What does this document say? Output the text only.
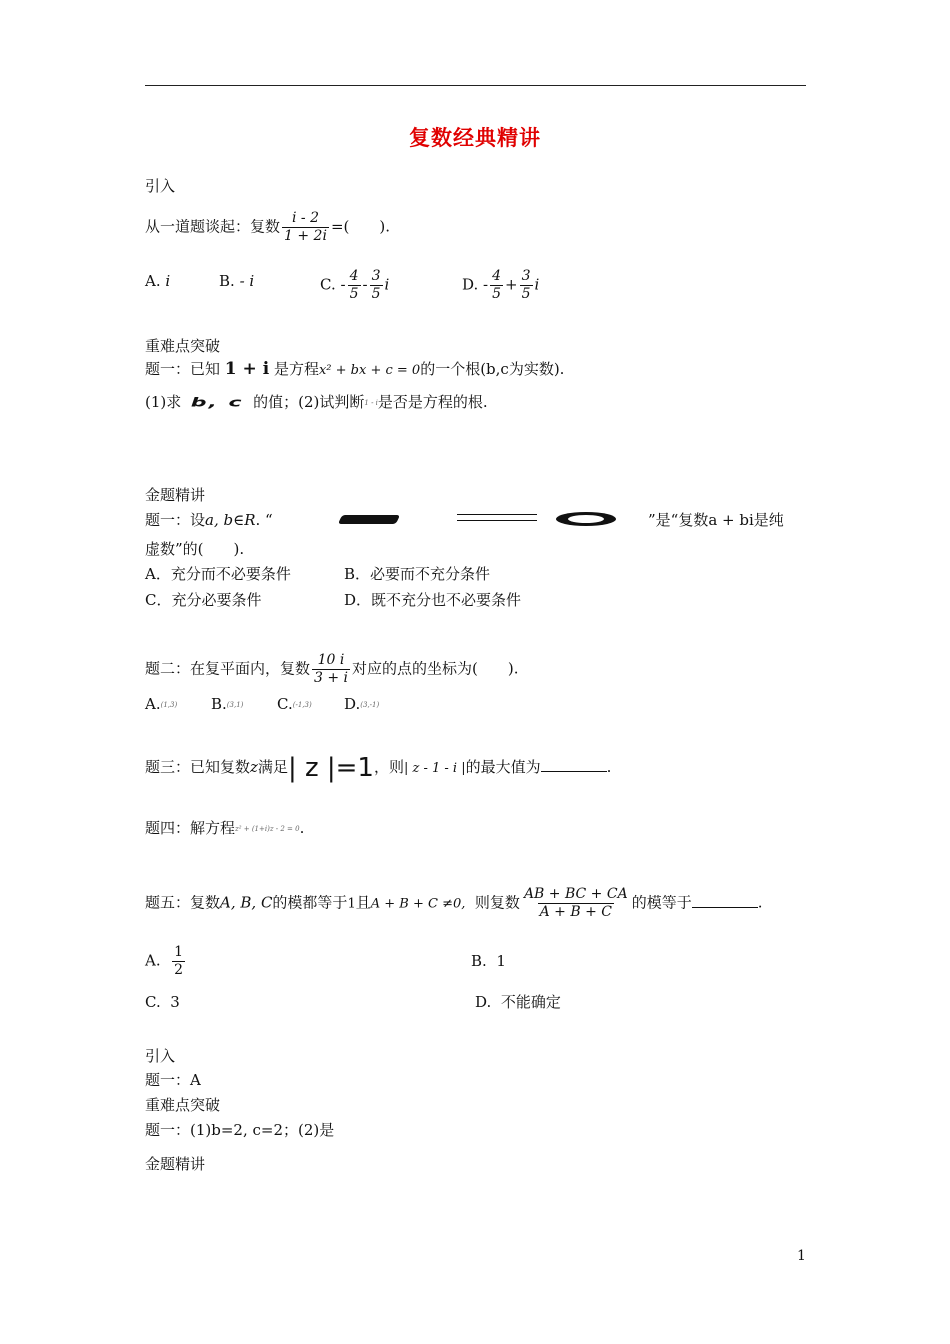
复数经典精讲
引入
从一道题谈起：复数 $\frac{i - 2}{1 + 2i}$ =(　　).
A. i	B. - i	C. - $\frac{4}{5} - \frac{3}{5}$ i	D. - $\frac{4}{5} + \frac{3}{5}$ i
重难点突破
题一：已知 1 + i 是方程x² + bx + c = 0的一个根(b,c为实数).
(1)求 b, c 的值；(2)试判断1 - i是否是方程的根.
金题精讲
题一：设a, b∈R. “	”是“复数a + bi是纯
虚数”的(　　).
A．充分而不必要条件	B．必要而不充分条件
C．充分必要条件	D．既不充分也不必要条件
题二：在复平面内，复数 $\frac{10 i}{3 + i}$ 对应的点的坐标为(　　).
A.(1,3) B.(3,1) C.(-1,3) D.(3,-1)
题三：已知复数z满足| z |=1，则| z - 1 - i |的最大值为	.
题四：解方程z² + (1+i)z - 2 = 0.
题五：复数A, B, C的模都等于1且A + B + C ≠0, 则复数 $\frac{AB + BC + CA}{A + B + C}$ 的模等于	.
A. $\frac{1}{2}$	B. 1
C. 3	D. 不能确定
引入
题一：A
重难点突破
题一：(1)b=2, c=2；(2)是
金题精讲
1
